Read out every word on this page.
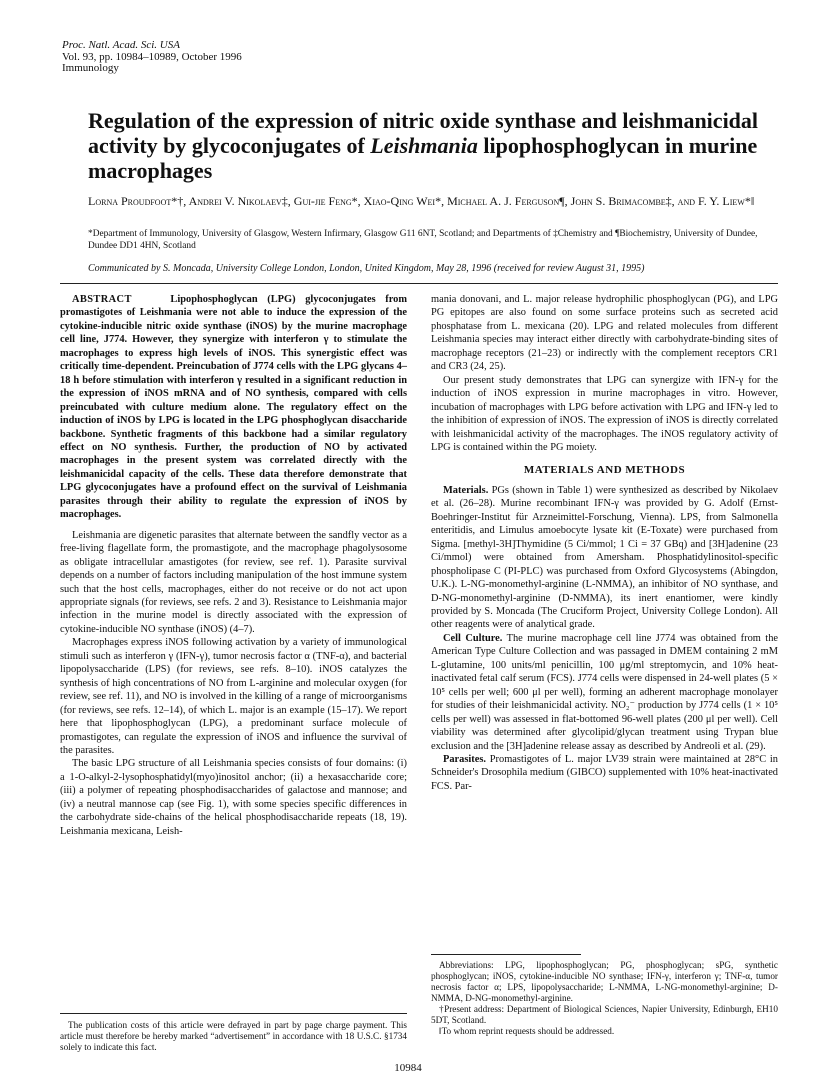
Proc. Natl. Acad. Sci. USA
Vol. 93, pp. 10984–10989, October 1996
Immunology
Regulation of the expression of nitric oxide synthase and leishmanicidal activity by glycoconjugates of Leishmania lipophosphoglycan in murine macrophages
Lorna Proudfoot*†, Andrei V. Nikolaev‡, Gui-jie Feng*, Xiao-Qing Wei*, Michael A. J. Ferguson¶, John S. Brimacombe‡, and F. Y. Liew*‖
*Department of Immunology, University of Glasgow, Western Infirmary, Glasgow G11 6NT, Scotland; and Departments of ‡Chemistry and ¶Biochemistry, University of Dundee, Dundee DD1 4HN, Scotland
Communicated by S. Moncada, University College London, London, United Kingdom, May 28, 1996 (received for review August 31, 1995)

ABSTRACT	Lipophosphoglycan (LPG) glycoconjugates from promastigotes of Leishmania were not able to induce the expression of the cytokine-inducible nitric oxide synthase (iNOS) by the murine macrophage cell line, J774. However, they synergize with interferon γ to stimulate the macrophages to express high levels of iNOS. This synergistic effect was critically time-dependent. Preincubation of J774 cells with the LPG glycans 4–18 h before stimulation with interferon γ resulted in a significant reduction in the expression of iNOS mRNA and of NO synthesis, compared with cells preincubated with culture medium alone. The regulatory effect on the induction of iNOS by LPG is located in the LPG phosphoglycan disaccharide backbone. Synthetic fragments of this backbone had a similar regulatory effect on NO synthesis. Further, the production of NO by activated macrophages in the present system was correlated directly with the leishmanicidal capacity of the cells. These data therefore demonstrate that LPG glycoconjugates have a profound effect on the survival of Leishmania parasites through their ability to regulate the expression of iNOS by macrophages.

Leishmania are digenetic parasites that alternate between the sandfly vector as a free-living flagellate form, the promastigote, and the macrophage phagolysosome as obligate intracellular amastigotes (for review, see ref. 1). Parasite survival depends on a number of factors including manipulation of the host immune system such that the host cells, macrophages, either do not receive or do not act upon appropriate signals (for reviews, see refs. 2 and 3). Resistance to Leishmania major infection in the murine model is directly associated with the expression of cytokine-inducible NO synthase (iNOS) (4–7).

Macrophages express iNOS following activation by a variety of immunological stimuli such as interferon γ (IFN-γ), tumor necrosis factor α (TNF-α), and bacterial lipopolysaccharide (LPS) (for reviews, see refs. 8–10). iNOS catalyzes the synthesis of high concentrations of NO from L-arginine and molecular oxygen (for review, see ref. 11), and NO is involved in the killing of a range of microorganisms (for reviews, see refs. 12–14), of which L. major is an example (15–17). We report here that lipophosphoglycan (LPG), a predominant surface molecule of promastigotes, can regulate the expression of iNOS and influence the survival of the parasites.

The basic LPG structure of all Leishmania species consists of four domains: (i) a 1-O-alkyl-2-lysophosphatidyl(myo)inositol anchor; (ii) a hexasaccharide core; (iii) a polymer of repeating phosphodisaccharides of galactose and mannose; and (iv) a neutral mannose cap (see Fig. 1), with some species specific differences in the carbohydrate side-chains of the helical phosphodisaccharide repeats (18, 19). Leishmania mexicana, Leish-

The publication costs of this article were defrayed in part by page charge payment. This article must therefore be hereby marked “advertisement” in accordance with 18 U.S.C. §1734 solely to indicate this fact.

mania donovani, and L. major release hydrophilic phosphoglycan (PG), and LPG PG epitopes are also found on some surface proteins such as secreted acid phosphatase from L. mexicana (20). LPG and related molecules from different Leishmania species may interact either directly with carbohydrate-binding sites of macrophage receptors (21–23) or indirectly with the complement receptors CR1 and CR3 (24, 25).

Our present study demonstrates that LPG can synergize with IFN-γ for the induction of iNOS expression in murine macrophages in vitro. However, incubation of macrophages with LPG before activation with LPG and IFN-γ led to the inhibition of expression of iNOS. The expression of iNOS is directly correlated with leishmanicidal activity of the macrophages. The iNOS regulatory activity of LPG is contained within the PG moiety.

MATERIALS AND METHODS

Materials. PGs (shown in Table 1) were synthesized as described by Nikolaev et al. (26–28). Murine recombinant IFN-γ was provided by G. Adolf (Ernst-Boehringer-Institut für Arzneimittel-Forschung, Vienna). LPS, from Salmonella enteritidis, and Limulus amoebocyte lysate kit (E-Toxate) were purchased from Sigma. [methyl-3H]Thymidine (5 Ci/mmol; 1 Ci = 37 GBq) and [3H]adenine (23 Ci/mmol) were obtained from Amersham. Phosphatidylinositol-specific phospholipase C (PI-PLC) was purchased from Oxford Glycosystems (Abingdon, U.K.). L-NG-monomethyl-arginine (L-NMMA), an inhibitor of NO synthase, and D-NG-monomethyl-arginine (D-NMMA), its inert enantiomer, were kindly provided by S. Moncada (The Cruciform Project, University College London). All other reagents were of analytical grade.

Cell Culture. The murine macrophage cell line J774 was obtained from the American Type Culture Collection and was passaged in DMEM containing 2 mM L-glutamine, 100 units/ml penicillin, 100 μg/ml streptomycin, and 10% heat-inactivated fetal calf serum (FCS). J774 cells were dispensed in 24-well plates (5 × 10⁵ cells per well; 600 μl per well), forming an adherent macrophage monolayer for studies of their leishmanicidal activity. NO₂⁻ production by J774 cells (1 × 10⁵ cells per well) was assessed in flat-bottomed 96-well plates (200 μl per well). Cell viability was determined after glycolipid/glycan treatment using Trypan blue exclusion and the [3H]adenine release assay as described by Andreoli et al. (29).

Parasites. Promastigotes of L. major LV39 strain were maintained at 28°C in Schneider's Drosophila medium (GIBCO) supplemented with 10% heat-inactivated FCS. Par-

Abbreviations: LPG, lipophosphoglycan; PG, phosphoglycan; sPG, synthetic phosphoglycan; iNOS, cytokine-inducible NO synthase; IFN-γ, interferon γ; TNF-α, tumor necrosis factor α; LPS, lipopolysaccharide; L-NMMA, L-NG-monomethyl-arginine; D-NMMA, D-NG-monomethyl-arginine.

†Present address: Department of Biological Sciences, Napier University, Edinburgh, EH10 5DT, Scotland.

‖To whom reprint requests should be addressed.

10984
